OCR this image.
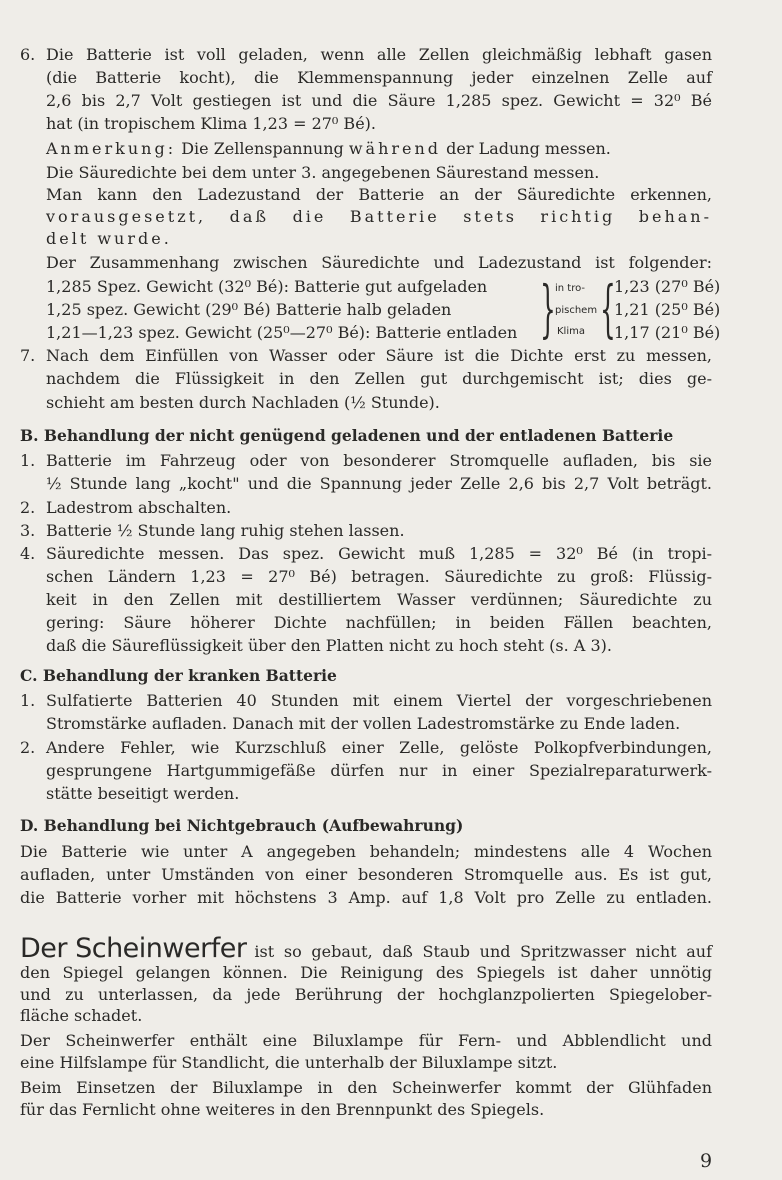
6. Die Batterie ist voll geladen, wenn alle Zellen gleichmäßig lebhaft gasen
(die Batterie kocht), die Klemmenspannung jeder einzelnen Zelle auf
2,6 bis 2,7 Volt gestiegen ist und die Säure 1,285 spez. Gewicht = 32⁰ Bé
hat (in tropischem Klima 1,23 = 27⁰ Bé).
Anmerkung: Die Zellenspannung während der Ladung messen.
Die Säuredichte bei dem unter 3. angegebenen Säurestand messen.
Man kann den Ladezustand der Batterie an der Säuredichte erkennen,
vorausgesetzt, daß die Batterie stets richtig behan-
delt wurde.
Der Zusammenhang zwischen Säuredichte und Ladezustand ist folgender:
1,285 Spez. Gewicht (32⁰ Bé): Batterie gut aufgeladen
1,25 spez. Gewicht (29⁰ Bé) Batterie halb geladen
1,21—1,23 spez. Gewicht (25⁰—27⁰ Bé): Batterie entladen } in tro-
pischem
Klima {
1,23 (27⁰ Bé)
1,21 (25⁰ Bé)
1,17 (21⁰ Bé)
7. Nach dem Einfüllen von Wasser oder Säure ist die Dichte erst zu messen,
nachdem die Flüssigkeit in den Zellen gut durchgemischt ist; dies ge-
schieht am besten durch Nachladen (½ Stunde).
B. Behandlung der nicht genügend geladenen und der entladenen Batterie
1. Batterie im Fahrzeug oder von besonderer Stromquelle aufladen, bis sie
½ Stunde lang „kocht" und die Spannung jeder Zelle 2,6 bis 2,7 Volt beträgt.
2. Ladestrom abschalten.
3. Batterie ½ Stunde lang ruhig stehen lassen.
4. Säuredichte messen. Das spez. Gewicht muß 1,285 = 32⁰ Bé (in tropi-
schen Ländern 1,23 = 27⁰ Bé) betragen. Säuredichte zu groß: Flüssig-
keit in den Zellen mit destilliertem Wasser verdünnen; Säuredichte zu
gering: Säure höherer Dichte nachfüllen; in beiden Fällen beachten,
daß die Säureflüssigkeit über den Platten nicht zu hoch steht (s. A 3).
C. Behandlung der kranken Batterie
1. Sulfatierte Batterien 40 Stunden mit einem Viertel der vorgeschriebenen
Stromstärke aufladen. Danach mit der vollen Ladestromstärke zu Ende laden.
2. Andere Fehler, wie Kurzschluß einer Zelle, gelöste Polkopfverbindungen,
gesprungene Hartgummigefäße dürfen nur in einer Spezialreparaturwerk-
stätte beseitigt werden.
D. Behandlung bei Nichtgebrauch (Aufbewahrung)
Die Batterie wie unter A angegeben behandeln; mindestens alle 4 Wochen
aufladen, unter Umständen von einer besonderen Stromquelle aus. Es ist gut,
die Batterie vorher mit höchstens 3 Amp. auf 1,8 Volt pro Zelle zu entladen.
Der Scheinwerfer ist so gebaut, daß Staub und Spritzwasser nicht auf
den Spiegel gelangen können. Die Reinigung des Spiegels ist daher unnötig
und zu unterlassen, da jede Berührung der hochglanzpolierten Spiegelober-
fläche schadet.
Der Scheinwerfer enthält eine Biluxlampe für Fern- und Abblendlicht und
eine Hilfslampe für Standlicht, die unterhalb der Biluxlampe sitzt.
Beim Einsetzen der Biluxlampe in den Scheinwerfer kommt der Glühfaden
für das Fernlicht ohne weiteres in den Brennpunkt des Spiegels.
9
